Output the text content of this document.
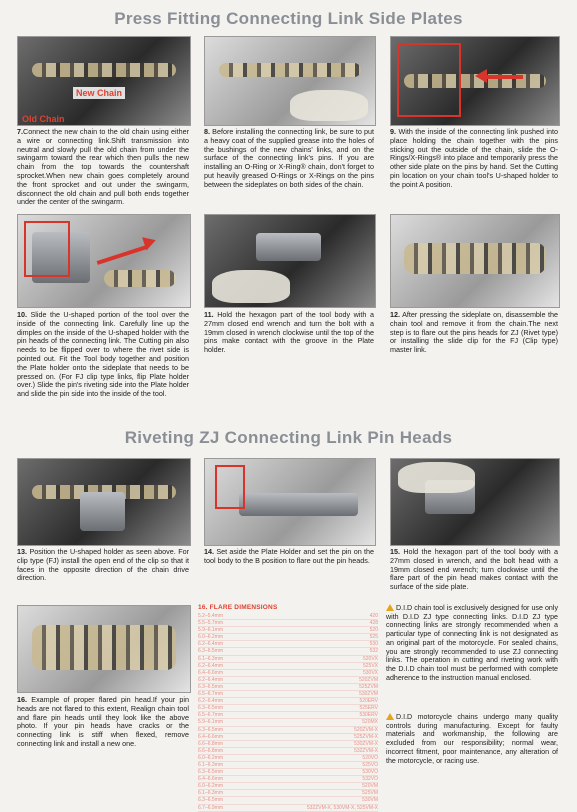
Press Fitting Connecting Link Side Plates
Riveting ZJ Connecting Link Pin Heads
New Chain
Old Chain
7.Connect the new chain to the old chain using either a wire or connecting link.Shift transmission into neutral and slowly pull the old chain from under the swingarm toward the rear which then pulls the new chain from the top towards the countershaft sprocket.When new chain goes completely around the front sprocket and out under the swingarm, disconnect the old chain and pull both ends together under the center of the swingarm.
8. Before installing the connecting link, be sure to put a heavy coat of the supplied grease into the holes of the bushings of the new chains' links, and on the surface of the connecting link's pins. If you are installing an O-Ring or X-Ring® chain, don't forget to put heavily greased O-Rings or X-Rings on the pins between the sideplates on both sides of the chain.
9. With the inside of the connecting link pushed into place holding the chain together with the pins sticking out the outside of the chain, slide the O-Rings/X-Rings® into place and temporarily press the other side plate on the pins by hand. Set the Cutting pin location on your chain tool's U-shaped holder to the point A position.
10. Slide the U-shaped portion of the tool over the inside of the connecting link. Carefully line up the dimples on the inside of the U-shaped holder with the pin heads of the connecting link. The Cutting pin also needs to be flipped over to where the rivet side is pointed out. Fit the Tool body together and position the Plate holder onto the sideplate that needs to be pressed on. (For FJ clip type links, flip Plate holder over.) Slide the pin's riveting side into the Plate holder and slide the pin side into the inside of the tool.
11. Hold the hexagon part of the tool body with a 27mm closed end wrench and turn the bolt with a 19mm closed in wrench clockwise until the top of the pins make contact with the groove in the Plate holder.
12. After pressing the sideplate on, disassemble the chain tool and remove it from the chain.The next step is to flare out the pins heads for ZJ (Rivet type) or installing the slide clip for the FJ (Clip type) master link.
13. Position the U-shaped holder as seen above. For clip type (FJ) install the open end of the clip so that it faces in the opposite direction of the chain drive direction.
14. Set aside the Plate Holder and set the pin on the tool body to the B position to flare out the pin heads.
15. Hold the hexagon part of the tool body with a 27mm closed in wrench, and the bolt head with a 19mm closed end wrench; turn clockwise until the flare part of the pin head makes contact with the surface of the side plate.
16. Example of proper flared pin head.If your pin heads are not flared to this extent, Realign chain tool and flare pin heads until they look like the above photo. If your pin heads have cracks or the connecting link is stiff when flexed, remove connecting link and install a new one.
16. FLARE DIMENSIONS
5.2–5.4mm	420
5.5–5.7mm	428
5.9–6.1mm	520
6.0–6.2mm	525
6.2–6.4mm	530
6.3–6.5mm	532
6.1–6.3mm	520VX
6.2–6.4mm	525VX
6.4–6.6mm	530VX
6.2–6.4mm	520ZVM
6.3–6.5mm	525ZVM
6.5–6.7mm	530ZVM
6.2–6.4mm	520ERV
6.3–6.5mm	525ERV
6.5–6.7mm	530ERV
5.9–6.1mm	520MX
6.3–6.5mm	520ZVM-X
6.4–6.6mm	525ZVM-X
6.6–6.8mm	530ZVM-X
6.6–6.8mm	532ZVM-X
6.0–6.2mm	520VO
6.1–6.3mm	525VO
6.3–6.5mm	530VO
6.4–6.6mm	532VO
6.0–6.2mm	520VM
6.1–6.3mm	525VM
6.3–6.5mm	530VM
6.7–6.9mm	532ZVM-X, 530VM-X, 525VM-X
D.I.D chain tool is exclusively designed for use only with D.I.D ZJ type connecting links. D.I.D ZJ type connecting links are strongly recommended when a particular type of connecting link is not designated as an original part of the motorcycle. For sealed chains, you are strongly recommended to use ZJ connecting links. The operation in cutting and riveting work with the D.I.D chain tool must be performed with complete adherence to the instruction manual enclosed.
D.I.D motorcycle chains undergo many quality controls during manufacturing. Except for faulty materials and workmanship, the following are excluded from our responsibility; normal wear, incorrect fitment, poor maintenance, any alteration of the motorcycle, or racing use.
